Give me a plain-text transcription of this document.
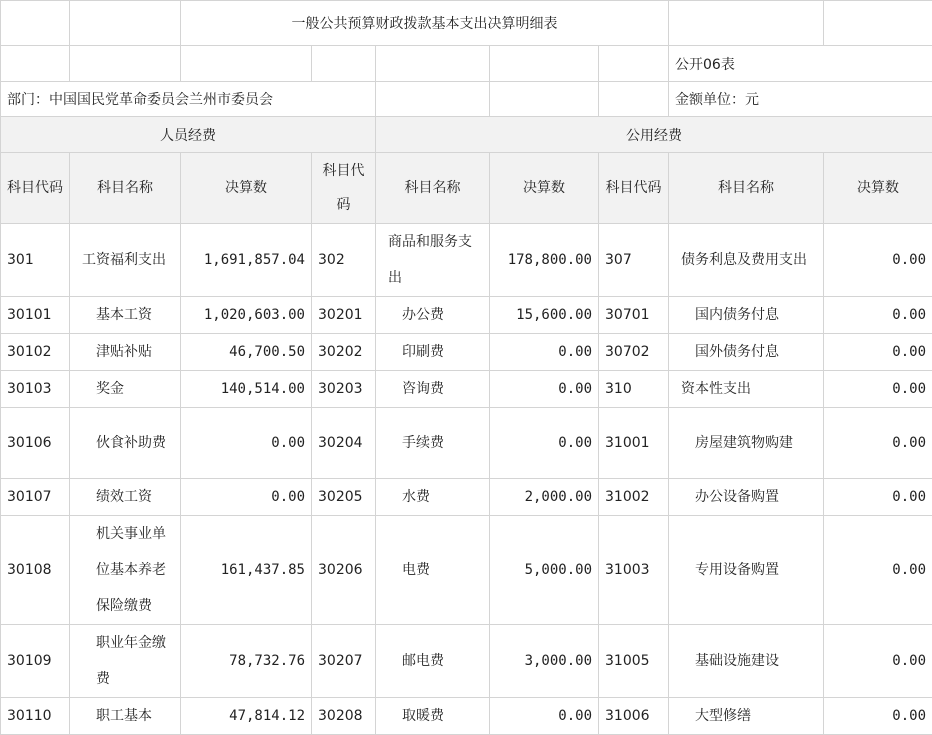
		一般公共预算财政拨款基本支出决算明细表						
							公开06表	
部门：中国国民党革命委员会兰州市委员会							金额单位：元	
人员经费				公用经费				
科目代码	科目名称	决算数	科目代码	科目名称	决算数	科目代码	科目名称	决算数
301	工资福利支出	1,691,857.04	302	商品和服务支出	178,800.00	307	债务利息及费用支出	0.00
30101	基本工资	1,020,603.00	30201	办公费	15,600.00	30701	国内债务付息	0.00
30102	津贴补贴	46,700.50	30202	印刷费	0.00	30702	国外债务付息	0.00
30103	奖金	140,514.00	30203	咨询费	0.00	310	资本性支出	0.00
30106	伙食补助费	0.00	30204	手续费	0.00	31001	房屋建筑物购建	0.00
30107	绩效工资	0.00	30205	水费	2,000.00	31002	办公设备购置	0.00
30108	机关事业单位基本养老保险缴费	161,437.85	30206	电费	5,000.00	31003	专用设备购置	0.00
30109	职业年金缴费	78,732.76	30207	邮电费	3,000.00	31005	基础设施建设	0.00
30110	职工基本	47,814.12	30208	取暖费	0.00	31006	大型修缮	0.00
